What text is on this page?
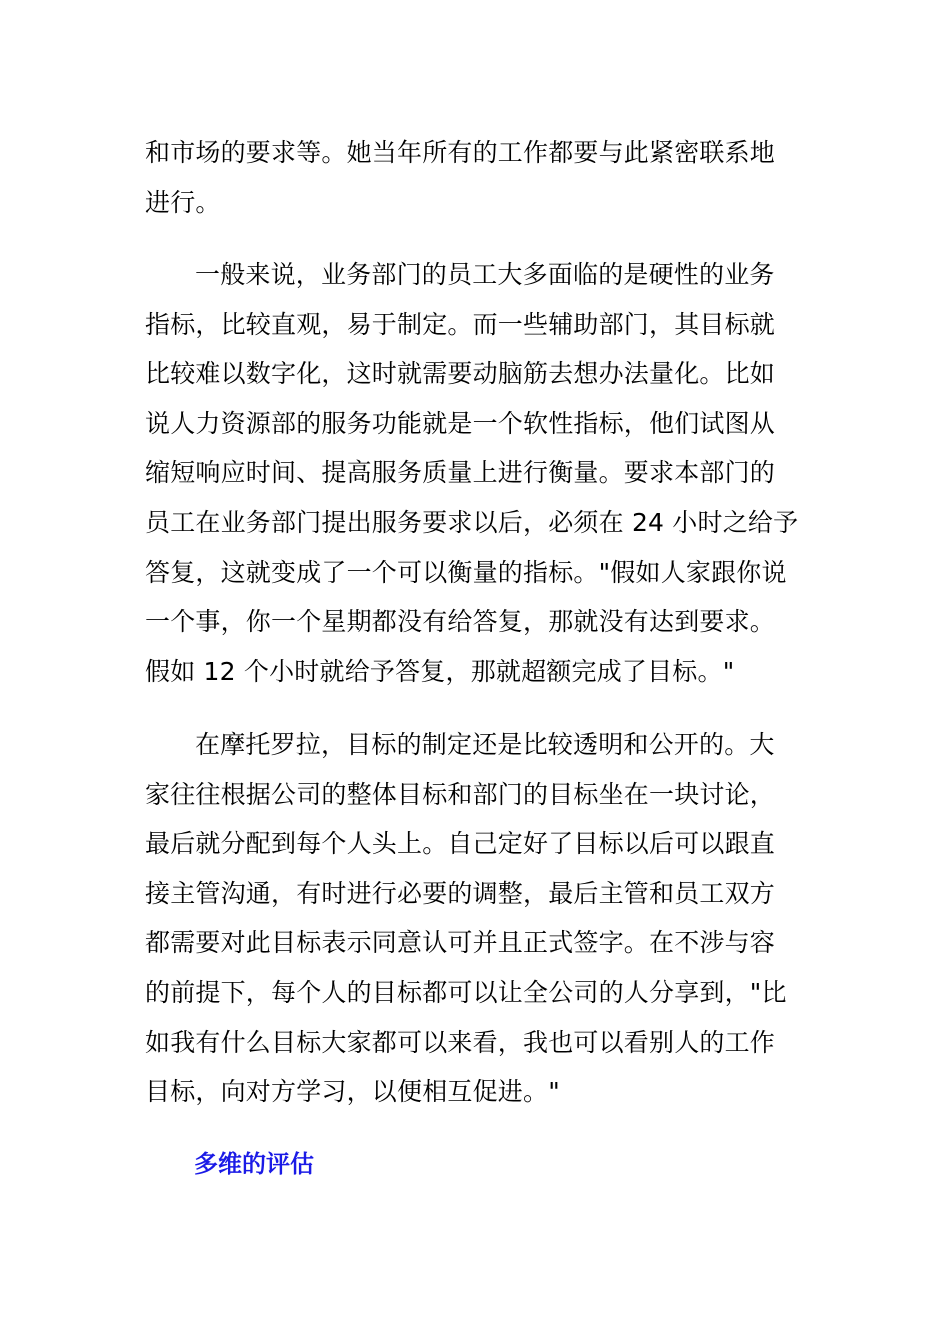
和市场的要求等。她当年所有的工作都要与此紧密联系地
进行。

一般来说，业务部门的员工大多面临的是硬性的业务
指标，比较直观，易于制定。而一些辅助部门，其目标就
比较难以数字化，这时就需要动脑筋去想办法量化。比如
说人力资源部的服务功能就是一个软性指标，他们试图从
缩短响应时间、提高服务质量上进行衡量。要求本部门的
员工在业务部门提出服务要求以后，必须在 24 小时之给予
答复，这就变成了一个可以衡量的指标。"假如人家跟你说
一个事，你一个星期都没有给答复，那就没有达到要求。
假如 12 个小时就给予答复，那就超额完成了目标。"

在摩托罗拉，目标的制定还是比较透明和公开的。大
家往往根据公司的整体目标和部门的目标坐在一块讨论，
最后就分配到每个人头上。自己定好了目标以后可以跟直
接主管沟通，有时进行必要的调整，最后主管和员工双方
都需要对此目标表示同意认可并且正式签字。在不涉与容
的前提下，每个人的目标都可以让全公司的人分享到，"比
如我有什么目标大家都可以来看，我也可以看别人的工作
目标，向对方学习，以便相互促进。"

多维的评估
